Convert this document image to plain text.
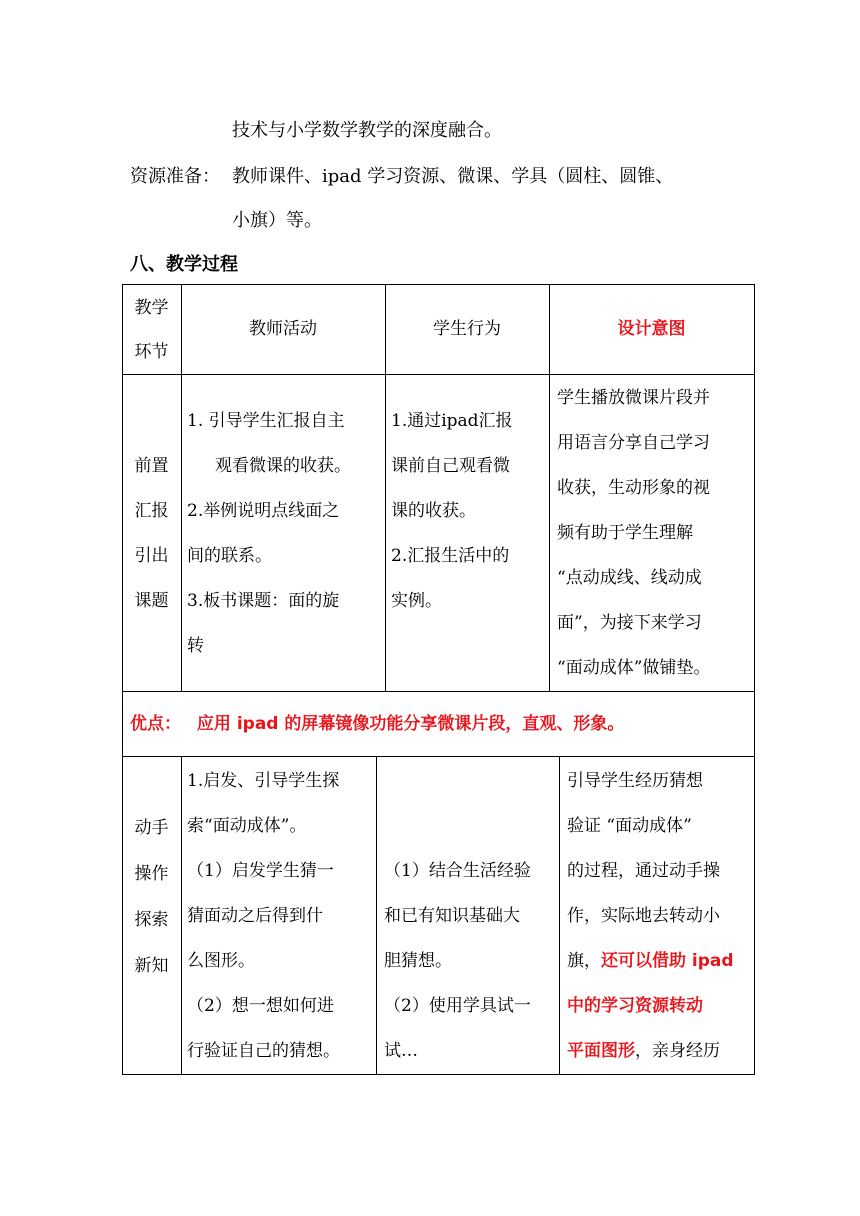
技术与小学数学教学的深度融合。
资源准备： 教师课件、ipad 学习资源、微课、学具（圆柱、圆锥、
小旗）等。
八、教学过程
教学
环节
教师活动	学生行为	设计意图
前置
汇报
引出
课题
1. 引导学生汇报自主
观看微课的收获。
2.举例说明点线面之
间的联系。
3.板书课题：面的旋
转
1.通过ipad汇报
课前自己观看微
课的收获。
2.汇报生活中的
实例。
学生播放微课片段并
用语言分享自己学习
收获，生动形象的视
频有助于学生理解
“点动成线、线动成
面”，为接下来学习
“面动成体”做铺垫。
优点： 应用 ipad 的屏幕镜像功能分享微课片段，直观、形象。
动手
操作
探索
新知
1.启发、引导学生探
索“面动成体”。
（1）启发学生猜一
猜面动之后得到什
么图形。
（2）想一想如何进
行验证自己的猜想。
（1）结合生活经验
和已有知识基础大
胆猜想。
（2）使用学具试一
试…
引导学生经历猜想
验证 “面动成体”
的过程，通过动手操
作，实际地去转动小
旗，还可以借助 ipad
中的学习资源转动
平面图形，亲身经历
